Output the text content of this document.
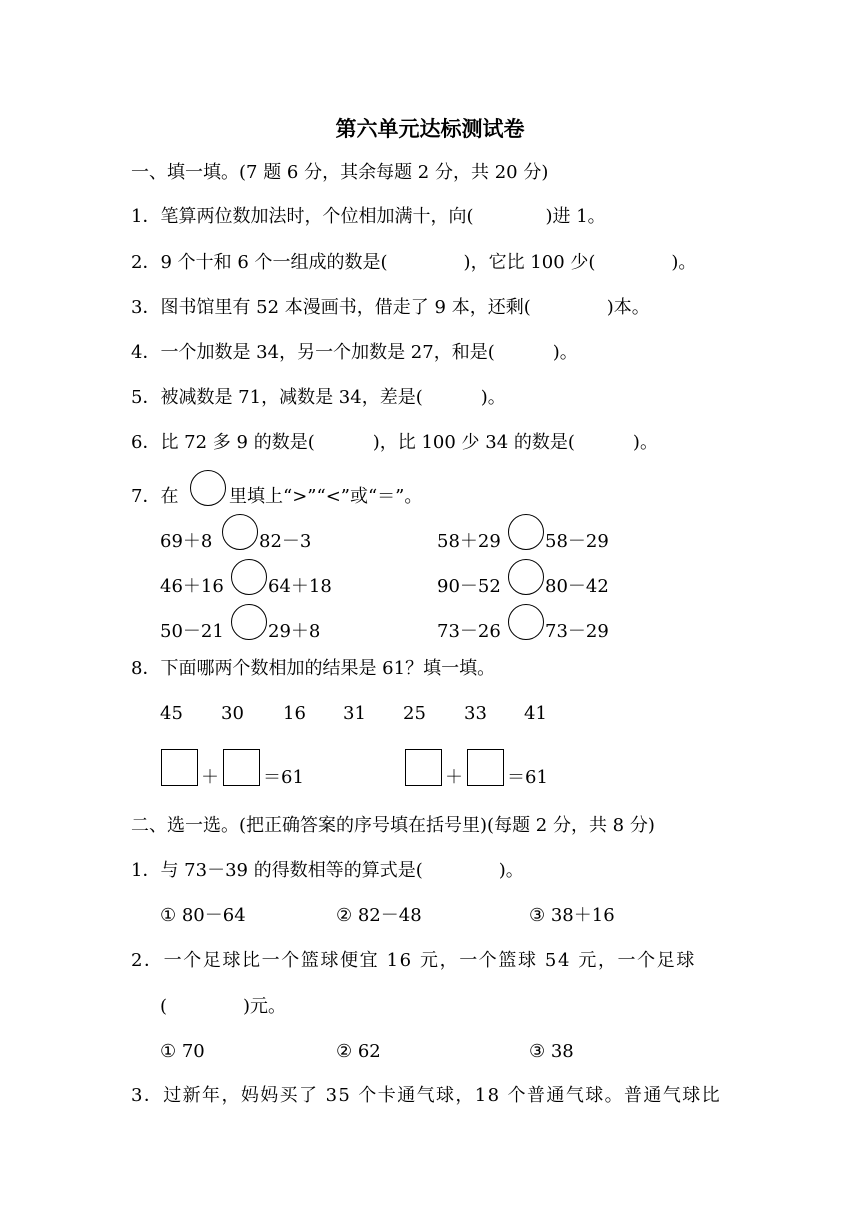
第六单元达标测试卷
一、填一填。(7 题 6 分，其余每题 2 分，共 20 分)
1．笔算两位数加法时，个位相加满十，向(	)进 1。
2．9 个十和 6 个一组成的数是(	)，它比 100 少(	)。
3．图书馆里有 52 本漫画书，借走了 9 本，还剩(	)本。
4．一个加数是 34，另一个加数是 27，和是(	)。
5．被减数是 71，减数是 34，差是(	)。
6．比 72 多 9 的数是(	)，比 100 少 34 的数是(	)。
7．在	里填上“>”“<”或“＝”。
69＋8	82－3	58＋29 58－29
46＋16 64＋18	90－52 80－42
50－21 29＋8	73－26 73－29
8．下面哪两个数相加的结果是 61？填一填。
45 30 16 31 25 33 41
＋ ＝61	＋ ＝61
二、选一选。(把正确答案的序号填在括号里)(每题 2 分，共 8 分)
1．与 73－39 的得数相等的算式是(	)。
① 80－64	② 82－48	③ 38＋16
2．一个足球比一个篮球便宜 16 元，一个篮球 54 元，一个足球
(	)元。
① 70	② 62	③ 38
3．过新年，妈妈买了 35 个卡通气球，18 个普通气球。普通气球比
